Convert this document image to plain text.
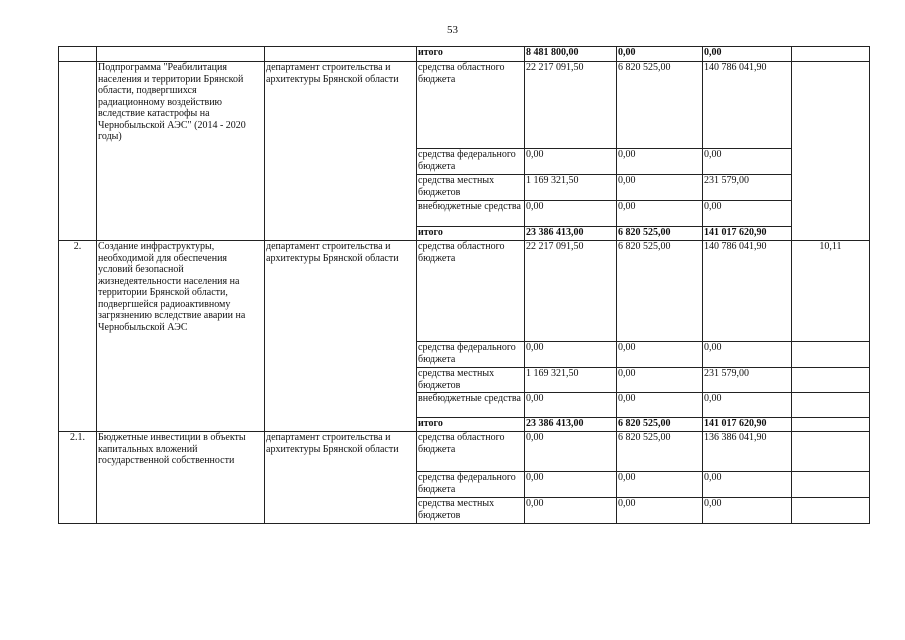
53
			итого	8 481 800,00	0,00	0,00	
	Подпрограмма "Реабилитация населения и территории Брянской области, подвергшихся радиационному воздействию вследствие катастрофы на Чернобыльской АЭС" (2014 - 2020 годы)	департамент строительства и архитектуры Брянской области	средства областного бюджета	22 217 091,50	6 820 525,00	140 786 041,90	
			средства федерального бюджета	0,00	0,00	0,00	
			средства местных бюджетов	1 169 321,50	0,00	231 579,00	
			внебюджетные средства	0,00	0,00	0,00	
			итого	23 386 413,00	6 820 525,00	141 017 620,90	
2.	Создание инфраструктуры, необходимой для обеспечения условий безопасной жизнедеятельности населения на территории Брянской области, подвергшейся радиоактивному загрязнению вследствие аварии на Чернобыльской АЭС	департамент строительства и архитектуры Брянской области	средства областного бюджета	22 217 091,50	6 820 525,00	140 786 041,90	10,11
			средства федерального бюджета	0,00	0,00	0,00	
			средства местных бюджетов	1 169 321,50	0,00	231 579,00	
			внебюджетные средства	0,00	0,00	0,00	
			итого	23 386 413,00	6 820 525,00	141 017 620,90	
2.1.	Бюджетные инвестиции в объекты капитальных вложений государственной собственности	департамент строительства и архитектуры Брянской области	средства областного бюджета	0,00	6 820 525,00	136 386 041,90	
			средства федерального бюджета	0,00	0,00	0,00	
			средства местных бюджетов	0,00	0,00	0,00	
